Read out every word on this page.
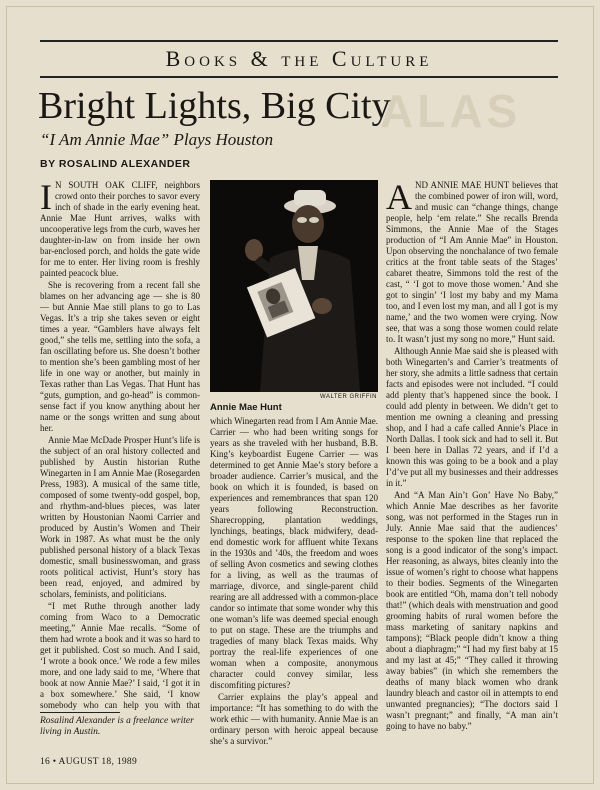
ALAS
Books & the Culture
Bright Lights, Big City
“I Am Annie Mae” Plays Houston
BY ROSALIND ALEXANDER

I N SOUTH OAK CLIFF, neighbors crowd onto their porches to savor every inch of shade in the early evening heat. Annie Mae Hunt arrives, walks with uncooperative legs from the curb, waves her daughter-in-law on from inside her own bar-enclosed porch, and holds the gate wide for me to enter. Her living room is freshly painted peacock blue.

She is recovering from a recent fall she blames on her advancing age — she is 80 — but Annie Mae still plans to go to Las Vegas. It’s a trip she takes seven or eight times a year. “Gamblers have always felt good,” she tells me, settling into the sofa, a fan oscillating before us. She doesn’t bother to mention she’s been gambling most of her life in one way or another, but mainly in Texas rather than Las Vegas. That Hunt has “guts, gumption, and go-head” is common-sense fact if you know anything about her name or the songs written and sung about her.

Annie Mae McDade Prosper Hunt’s life is the subject of an oral history collected and published by Austin historian Ruthe Winegarten in I am Annie Mae (Rosegarden Press, 1983). A musical of the same title, composed of some twenty-odd gospel, bop, and rhythm-and-blues pieces, was later written by Houstonian Naomi Carrier and produced by Austin’s Women and Their Work in 1987. As what must be the only published personal history of a black Texas domestic, small businesswoman, and grass roots political activist, Hunt’s story has been read, enjoyed, and admired by scholars, feminists, and politicians.

“I met Ruthe through another lady coming from Waco to a Democratic meeting,” Annie Mae recalls. “Some of them had wrote a book and it was so hard to get it published. Cost so much. And I said, ‘I wrote a book once.’ We rode a few miles more, and one lady said to me, ‘Where that book at now Annie Mae?’ I said, ‘I got it in a box somewhere.’ She said, ‘I know somebody who can help you with that

Rosalind Alexander is a freelance writer living in Austin.
16 • AUGUST 18, 1989
WALTER GRIFFIN
Annie Mae Hunt

which Winegarten read from I Am Annie Mae. Carrier — who had been writing songs for years as she traveled with her husband, B.B. King’s keyboardist Eugene Carrier — was determined to get Annie Mae’s story before a broader audience. Carrier’s musical, and the book on which it is founded, is based on experiences and remembrances that span 120 years following Reconstruction. Sharecropping, plantation weddings, lynchings, beatings, black midwifery, dead-end domestic work for affluent white Texans in the 1930s and ’40s, the freedom and woes of selling Avon cosmetics and sewing clothes for a living, as well as the traumas of marriage, divorce, and single-parent child rearing are all addressed with a common-place candor so intimate that some wonder why this one woman’s life was deemed special enough to put on stage. These are the triumphs and tragedies of many black Texas maids. Why portray the real-life experiences of one woman when a composite, anonymous character could convey similar, less discomfiting pictures?

Carrier explains the play’s appeal and importance: “It has something to do with the work ethic — with humanity. Annie Mae is an ordinary person with heroic appeal because she’s a survivor.”

AND ANNIE MAE HUNT believes that the combined power of iron will, word, and music can “change things, change people, help ‘em relate.” She recalls Brenda Simmons, the Annie Mae of the Stages production of “I Am Annie Mae” in Houston. Upon observing the nonchalance of two female critics at the front table seats of the Stages’ cabaret theatre, Simmons told the rest of the cast, “ ‘I got to move those women.’ And she got to singin’ ‘I lost my baby and my Mama too, and I even lost my man, and all I got is my name,’ and the two women were crying. Now see, that was a song those women could relate to. It wasn’t just my song no more,” Hunt said.

Although Annie Mae said she is pleased with both Winegarten’s and Carrier’s treatments of her story, she admits a little sadness that certain facts and episodes were not included. “I could add plenty that’s happened since the book. I could add plenty in between. We didn’t get to mention me owning a cleaning and pressing shop, and I had a cafe called Annie’s Place in North Dallas. I took sick and had to sell it. But I been here in Dallas 72 years, and if I’d a known this was going to be a book and a play I’d’ve put all my businesses and their addresses in it.”

And “A Man Ain’t Gon’ Have No Baby,” which Annie Mae describes as her favorite song, was not performed in the Stages run in July. Annie Mae said that the audiences’ response to the spoken line that replaced the song is a good indicator of the song’s impact. Her reasoning, as always, bites cleanly into the issue of women’s right to choose what happens to their bodies. Segments of the Winegarten book are entitled “Oh, mama don’t tell nobody that!” (which deals with menstruation and good grooming habits of rural women before the mass marketing of sanitary napkins and tampons); “Black people didn’t know a thing about a diaphragm;” “I had my first baby at 15 and my last at 45;” “They called it throwing away babies” (in which she remembers the deaths of many black women who drank laundry bleach and castor oil in attempts to end unwanted pregnancies); “The doctors said I wasn’t pregnant;” and finally, “A man ain’t going to have no baby.”
